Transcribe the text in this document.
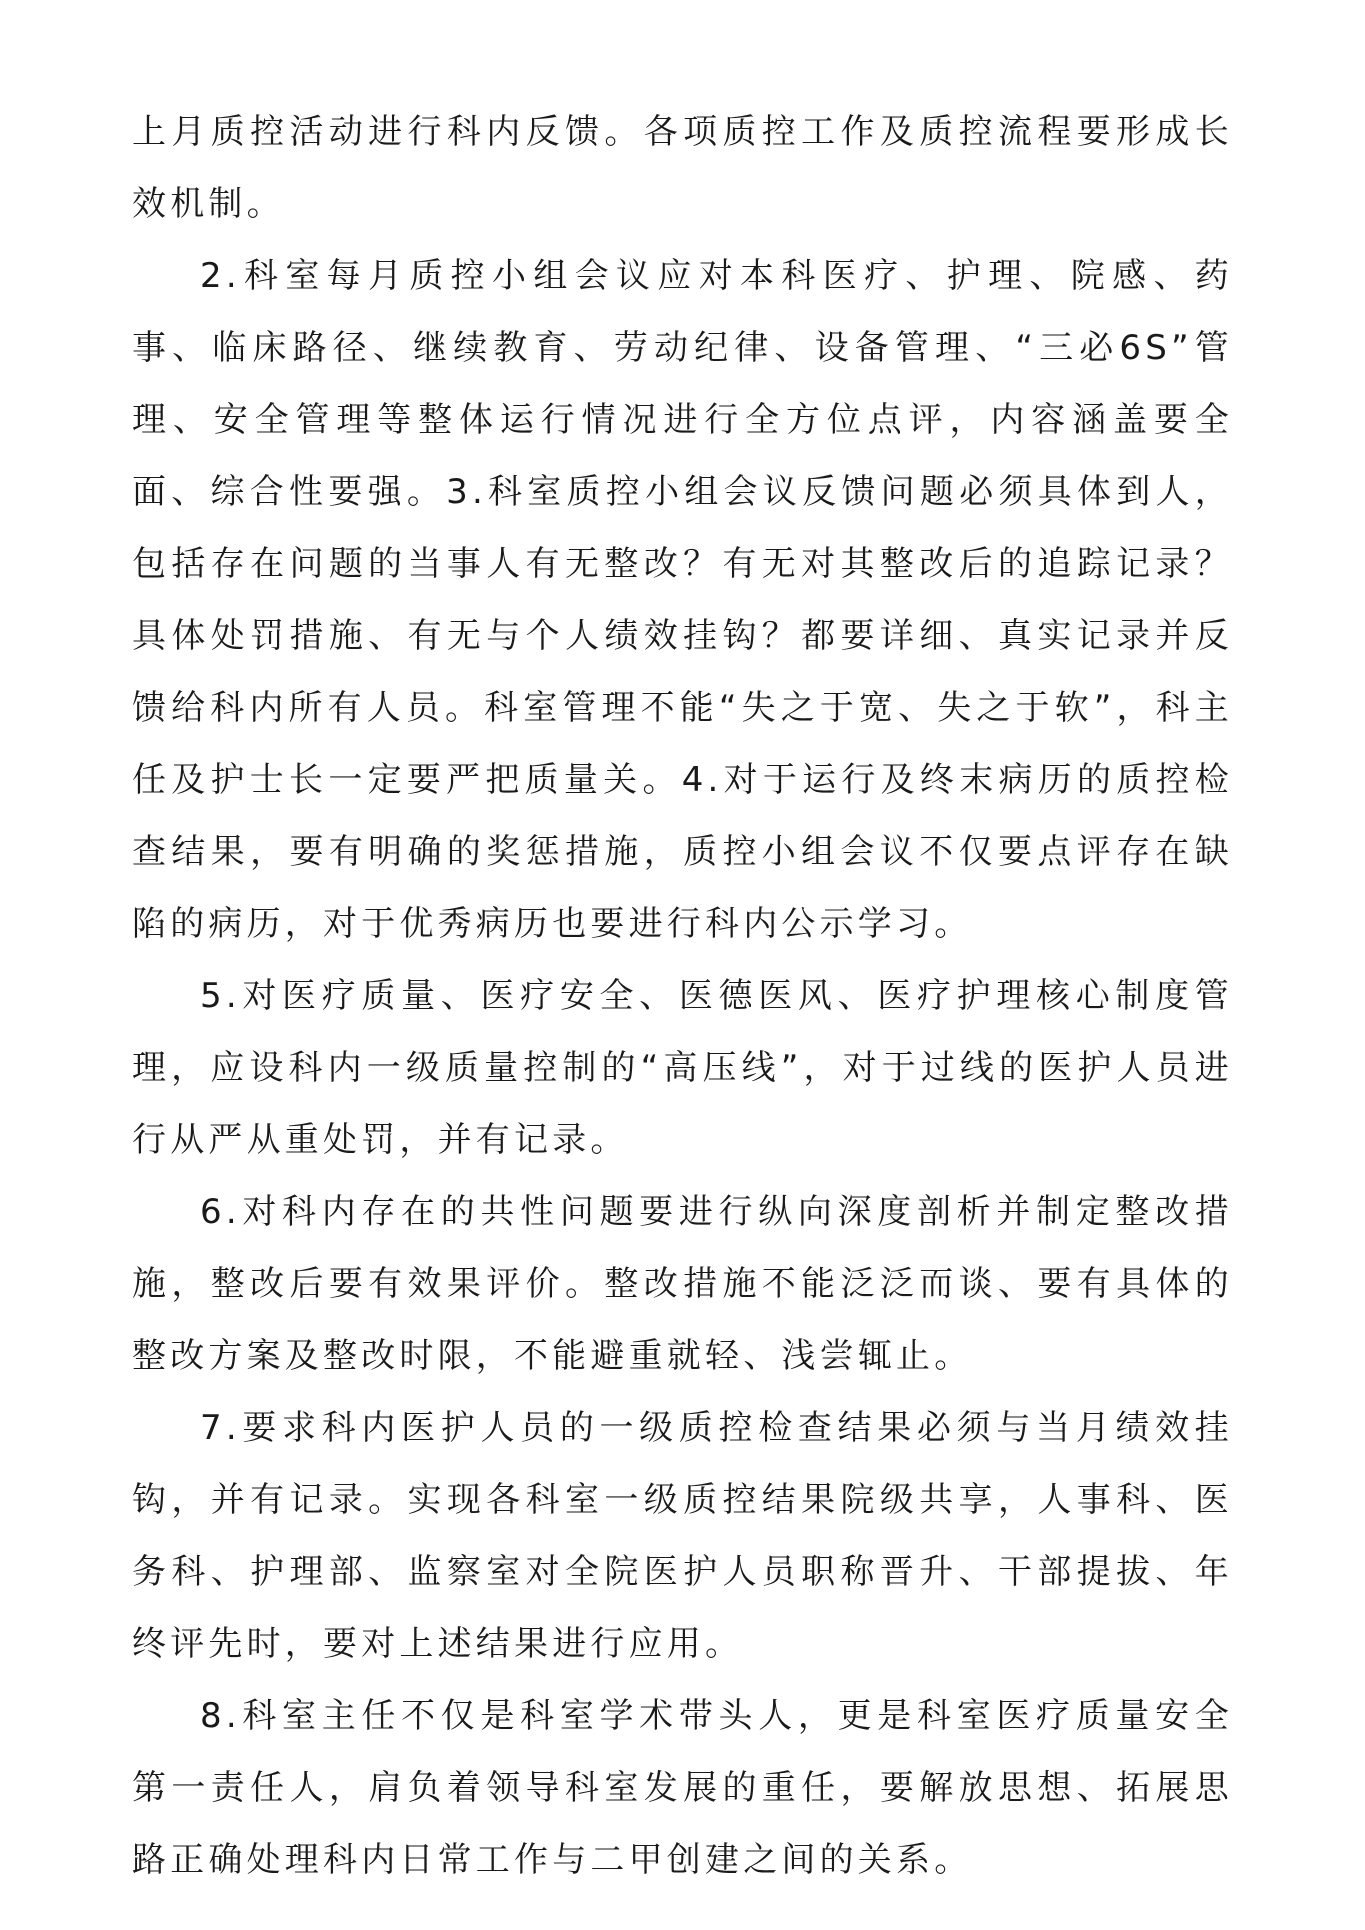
上月质控活动进行科内反馈。各项质控工作及质控流程要形成长效机制。

2.科室每月质控小组会议应对本科医疗、护理、院感、药事、临床路径、继续教育、劳动纪律、设备管理、“三必6S”管理、安全管理等整体运行情况进行全方位点评，内容涵盖要全面、综合性要强。3.科室质控小组会议反馈问题必须具体到人，包括存在问题的当事人有无整改？有无对其整改后的追踪记录？具体处罚措施、有无与个人绩效挂钩？都要详细、真实记录并反馈给科内所有人员。科室管理不能“失之于宽、失之于软”，科主任及护士长一定要严把质量关。4.对于运行及终末病历的质控检查结果，要有明确的奖惩措施，质控小组会议不仅要点评存在缺陷的病历，对于优秀病历也要进行科内公示学习。

5.对医疗质量、医疗安全、医德医风、医疗护理核心制度管理，应设科内一级质量控制的“高压线”，对于过线的医护人员进行从严从重处罚，并有记录。

6.对科内存在的共性问题要进行纵向深度剖析并制定整改措施，整改后要有效果评价。整改措施不能泛泛而谈、要有具体的整改方案及整改时限，不能避重就轻、浅尝辄止。

7.要求科内医护人员的一级质控检查结果必须与当月绩效挂钩，并有记录。实现各科室一级质控结果院级共享，人事科、医务科、护理部、监察室对全院医护人员职称晋升、干部提拔、年终评先时，要对上述结果进行应用。

8.科室主任不仅是科室学术带头人，更是科室医疗质量安全第一责任人，肩负着领导科室发展的重任，要解放思想、拓展思路正确处理科内日常工作与二甲创建之间的关系。
